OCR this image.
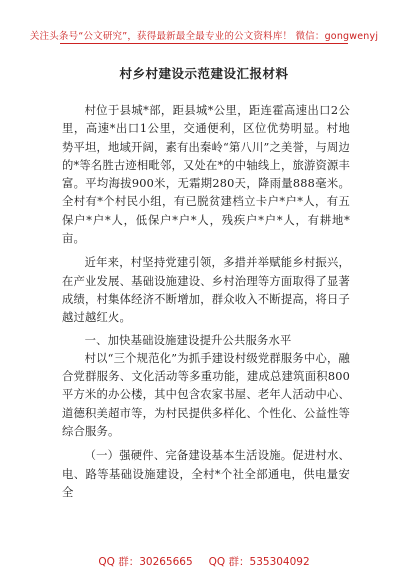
关注头条号“公文研究”，获得最新最全最专业的公文资料库！ 微信：gongwenyj
村乡村建设示范建设汇报材料

村位于县城*部，距县城*公里，距连霍高速出口2公里，高速*出口1公里，交通便利，区位优势明显。村地势平坦，地域开阔，素有出秦岭“第八川”之美誉，与周边的*等名胜古迹相毗邻，又处在*的中轴线上，旅游资源丰富。平均海拔900米，无霜期280天，降雨量888毫米。全村有*个村民小组，有已脱贫建档立卡户*户*人，有五保户*户*人，低保户*户*人，残疾户*户*人，有耕地*亩。

近年来，村坚持党建引领，多措并举赋能乡村振兴，在产业发展、基础设施建设、乡村治理等方面取得了显著成绩，村集体经济不断增加，群众收入不断提高，将日子越过越红火。

一、加快基础设施建设提升公共服务水平

村以“三个规范化”为抓手建设村级党群服务中心，融合党群服务、文化活动等多重功能，建成总建筑面积800平方米的办公楼，其中包含农家书屋、老年人活动中心、道德积美超市等，为村民提供多样化、个性化、公益性等综合服务。

（一）强硬件、完备建设基本生活设施。促进村水、电、路等基础设施建设，全村*个社全部通电，供电量安全

QQ 群：30265665 QQ 群：535304092
